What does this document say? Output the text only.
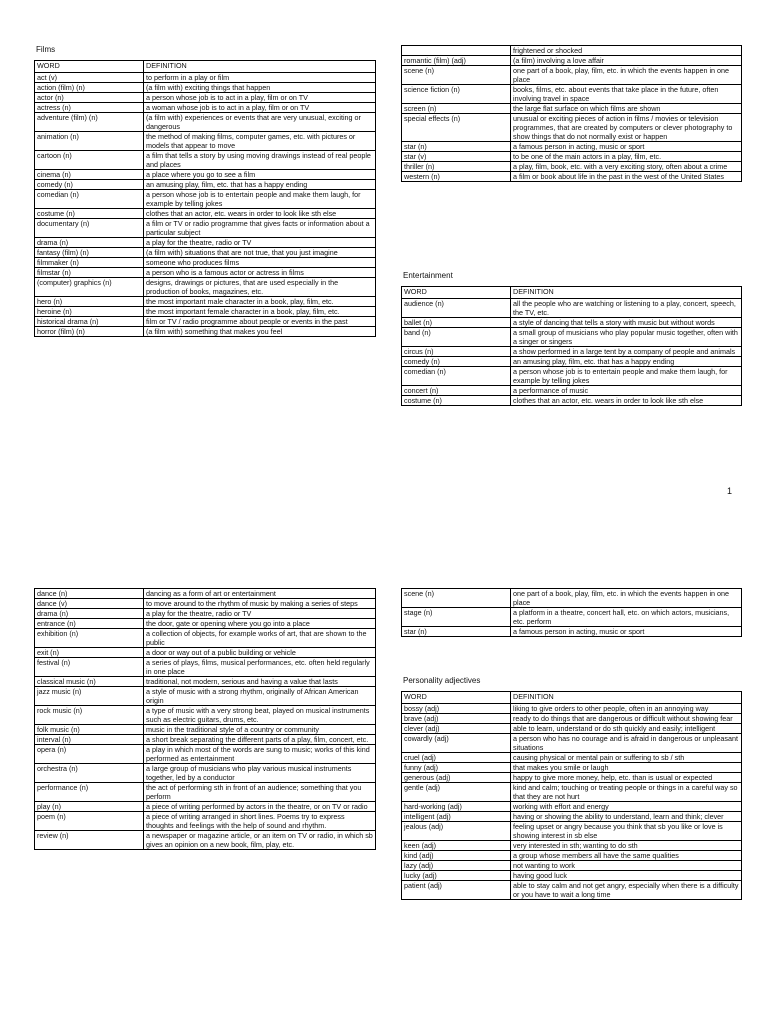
Films
WORD	DEFINITION
act (v)	to perform in a play or film
action (film) (n)	(a film with) exciting things that happen
actor (n)	a person whose job is to act in a play, film or on TV
actress (n)	a woman whose job is to act in a play, film or on TV
adventure (film) (n)	(a film with) experiences or events that are very unusual, exciting or dangerous
animation (n)	the method of making films, computer games, etc. with pictures or models that appear to move
cartoon (n)	a film that tells a story by using moving drawings instead of real people and places
cinema (n)	a place where you go to see a film
comedy (n)	an amusing play, film, etc. that has a happy ending
comedian (n)	a person whose job is to entertain people and make them laugh, for example by telling jokes
costume (n)	clothes that an actor, etc. wears in order to look like sth else
documentary (n)	a film or TV or radio programme that gives facts or information about a particular subject
drama (n)	a play for the theatre, radio or TV
fantasy (film) (n)	(a film with) situations that are not true, that you just imagine
filmmaker (n)	someone who produces films
filmstar (n)	a person who is a famous actor or actress in films
(computer) graphics (n)	designs, drawings or pictures, that are used especially in the production of books, magazines, etc.
hero (n)	the most important male character in a book, play, film, etc.
heroine (n)	the most important female character in a book, play, film, etc.
historical drama (n)	film or TV / radio programme about people or events in the past
horror (film) (n)	(a film with) something that makes you feel
	frightened or shocked
romantic (film) (adj)	(a film) involving a love affair
scene (n)	one part of a book, play, film, etc. in which the events happen in one place
science fiction (n)	books, films, etc. about events that take place in the future, often involving travel in space
screen (n)	the large flat surface on which films are shown
special effects (n)	unusual or exciting pieces of action in films / movies or television programmes, that are created by computers or clever photography to show things that do not normally exist or happen
star (n)	a famous person in acting, music or sport
star (v)	to be one of the main actors in a play, film, etc.
thriller (n)	a play, film, book, etc. with a very exciting story, often about a crime
western (n)	a film or book about life in the past in the west of the United States
Entertainment
WORD	DEFINITION
audience (n)	all the people who are watching or listening to a play, concert, speech, the TV, etc.
ballet (n)	a style of dancing that tells a story with music but without words
band (n)	a small group of musicians who play popular music together, often with a singer or singers
circus (n)	a show performed in a large tent by a company of people and animals
comedy (n)	an amusing play, film, etc. that has a happy ending
comedian (n)	a person whose job is to entertain people and make them laugh, for example by telling jokes
concert (n)	a performance of music
costume (n)	clothes that an actor, etc. wears in order to look like sth else
1
dance (n)	dancing as a form of art or entertainment
dance (v)	to move around to the rhythm of music by making a series of steps
drama (n)	a play for the theatre, radio or TV
entrance (n)	the door, gate or opening where you go into a place
exhibition (n)	a collection of objects, for example works of art, that are shown to the public
exit (n)	a door or way out of a public building or vehicle
festival (n)	a series of plays, films, musical performances, etc. often held regularly in one place
classical music (n)	traditional, not modern, serious and having a value that lasts
jazz music (n)	a style of music with a strong rhythm, originally of African American origin
rock music (n)	a type of music with a very strong beat, played on musical instruments such as electric guitars, drums, etc.
folk music (n)	music in the traditional style of a country or community
interval (n)	a short break separating the different parts of a play, film, concert, etc.
opera (n)	a play in which most of the words are sung to music; works of this kind performed as entertainment
orchestra (n)	a large group of musicians who play various musical instruments together, led by a conductor
performance (n)	the act of performing sth in front of an audience; something that you perform
play (n)	a piece of writing performed by actors in the theatre, or on TV or radio
poem (n)	a piece of writing arranged in short lines. Poems try to express thoughts and feelings with the help of sound and rhythm.
review (n)	a newspaper or magazine article, or an item on TV or radio, in which sb gives an opinion on a new book, film, play, etc.
scene (n)	one part of a book, play, film, etc. in which the events happen in one place
stage (n)	a platform in a theatre, concert hall, etc. on which actors, musicians, etc. perform
star (n)	a famous person in acting, music or sport
Personality adjectives
WORD	DEFINITION
bossy (adj)	liking to give orders to other people, often in an annoying way
brave (adj)	ready to do things that are dangerous or difficult without showing fear
clever (adj)	able to learn, understand or do sth quickly and easily; intelligent
cowardly (adj)	a person who has no courage and is afraid in dangerous or unpleasant situations
cruel (adj)	causing physical or mental pain or suffering to sb / sth
funny (adj)	that makes you smile or laugh
generous (adj)	happy to give more money, help, etc. than is usual or expected
gentle (adj)	kind and calm; touching or treating people or things in a careful way so that they are not hurt
hard-working (adj)	working with effort and energy
intelligent (adj)	having or showing the ability to understand, learn and think; clever
jealous (adj)	feeling upset or angry because you think that sb you like or love is showing interest in sb else
keen (adj)	very interested in sth; wanting to do sth
kind (adj)	a group whose members all have the same qualities
lazy (adj)	not wanting to work
lucky (adj)	having good luck
patient (adj)	able to stay calm and not get angry, especially when there is a difficulty or you have to wait a long time
